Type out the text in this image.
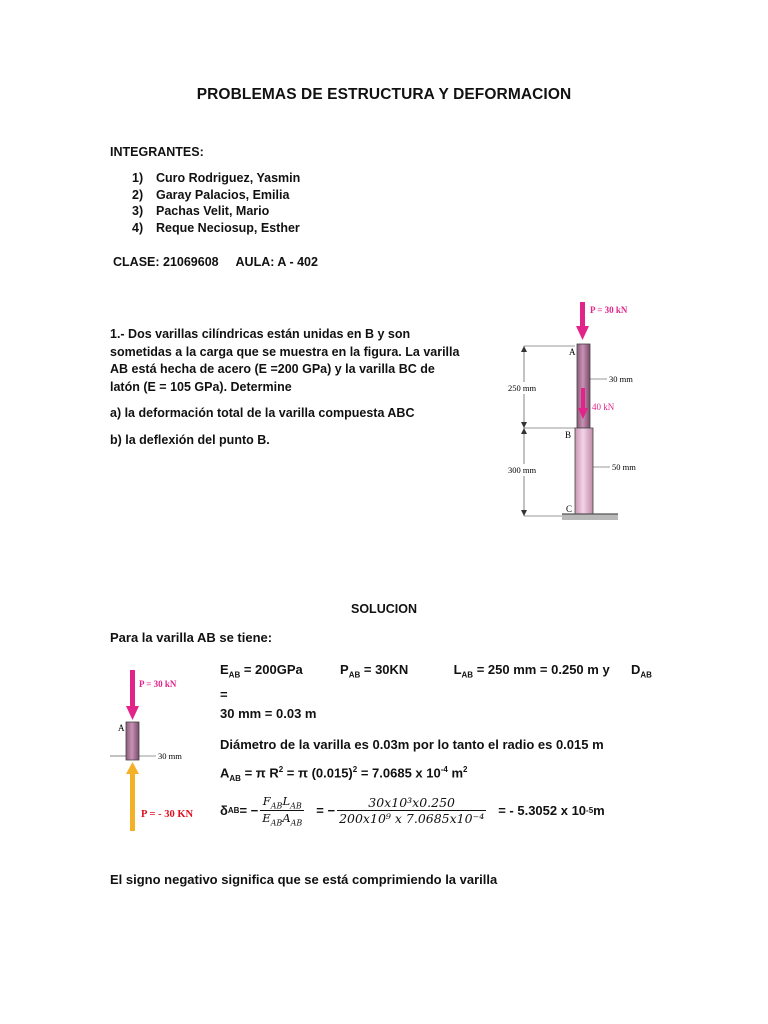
PROBLEMAS DE ESTRUCTURA Y DEFORMACION
INTEGRANTES:
1) Curo Rodriguez, Yasmin
2) Garay Palacios, Emilia
3) Pachas Velit, Mario
4) Reque Neciosup, Esther
CLASE: 21069608 AULA: A - 402
1.- Dos varillas cilíndricas están unidas en B y son sometidas a la carga que se muestra en la figura. La varilla AB está hecha de acero (E =200 GPa) y la varilla BC de latón (E = 105 GPa). Determine
a) la deformación total de la varilla compuesta ABC
b) la deflexión del punto B.
P = 30 kN
40 kN
A
B
C
250 mm
300 mm
30 mm
50 mm
SOLUCION
Para la varilla AB se tiene:
P = 30 kN
A
30 mm
P = - 30 KN
$E_{AB} = 200GPa$	$P_{AB} = 30KN$	$L_{AB} = 250$ mm = 0.250 m y $D_{AB}$ =
30 mm = 0.03 m
Diámetro de la varilla es 0.03m por lo tanto el radio es 0.015 m
$A_{AB} = \pi$ $R^2 = \pi$ $(0.015)^2 = 7.0685$ x $10^{-4}$ $m^2$
δ AB = − $\frac{F_{AB}L_{AB}}{E_{AB}A_{AB}}$ = − $\frac{\text{30x10³x0.250}}{\text{200x10⁹ x 7.0685x10⁻⁴}}$ = - 5.3052 x 10 -5 m
El signo negativo significa que se está comprimiendo la varilla
